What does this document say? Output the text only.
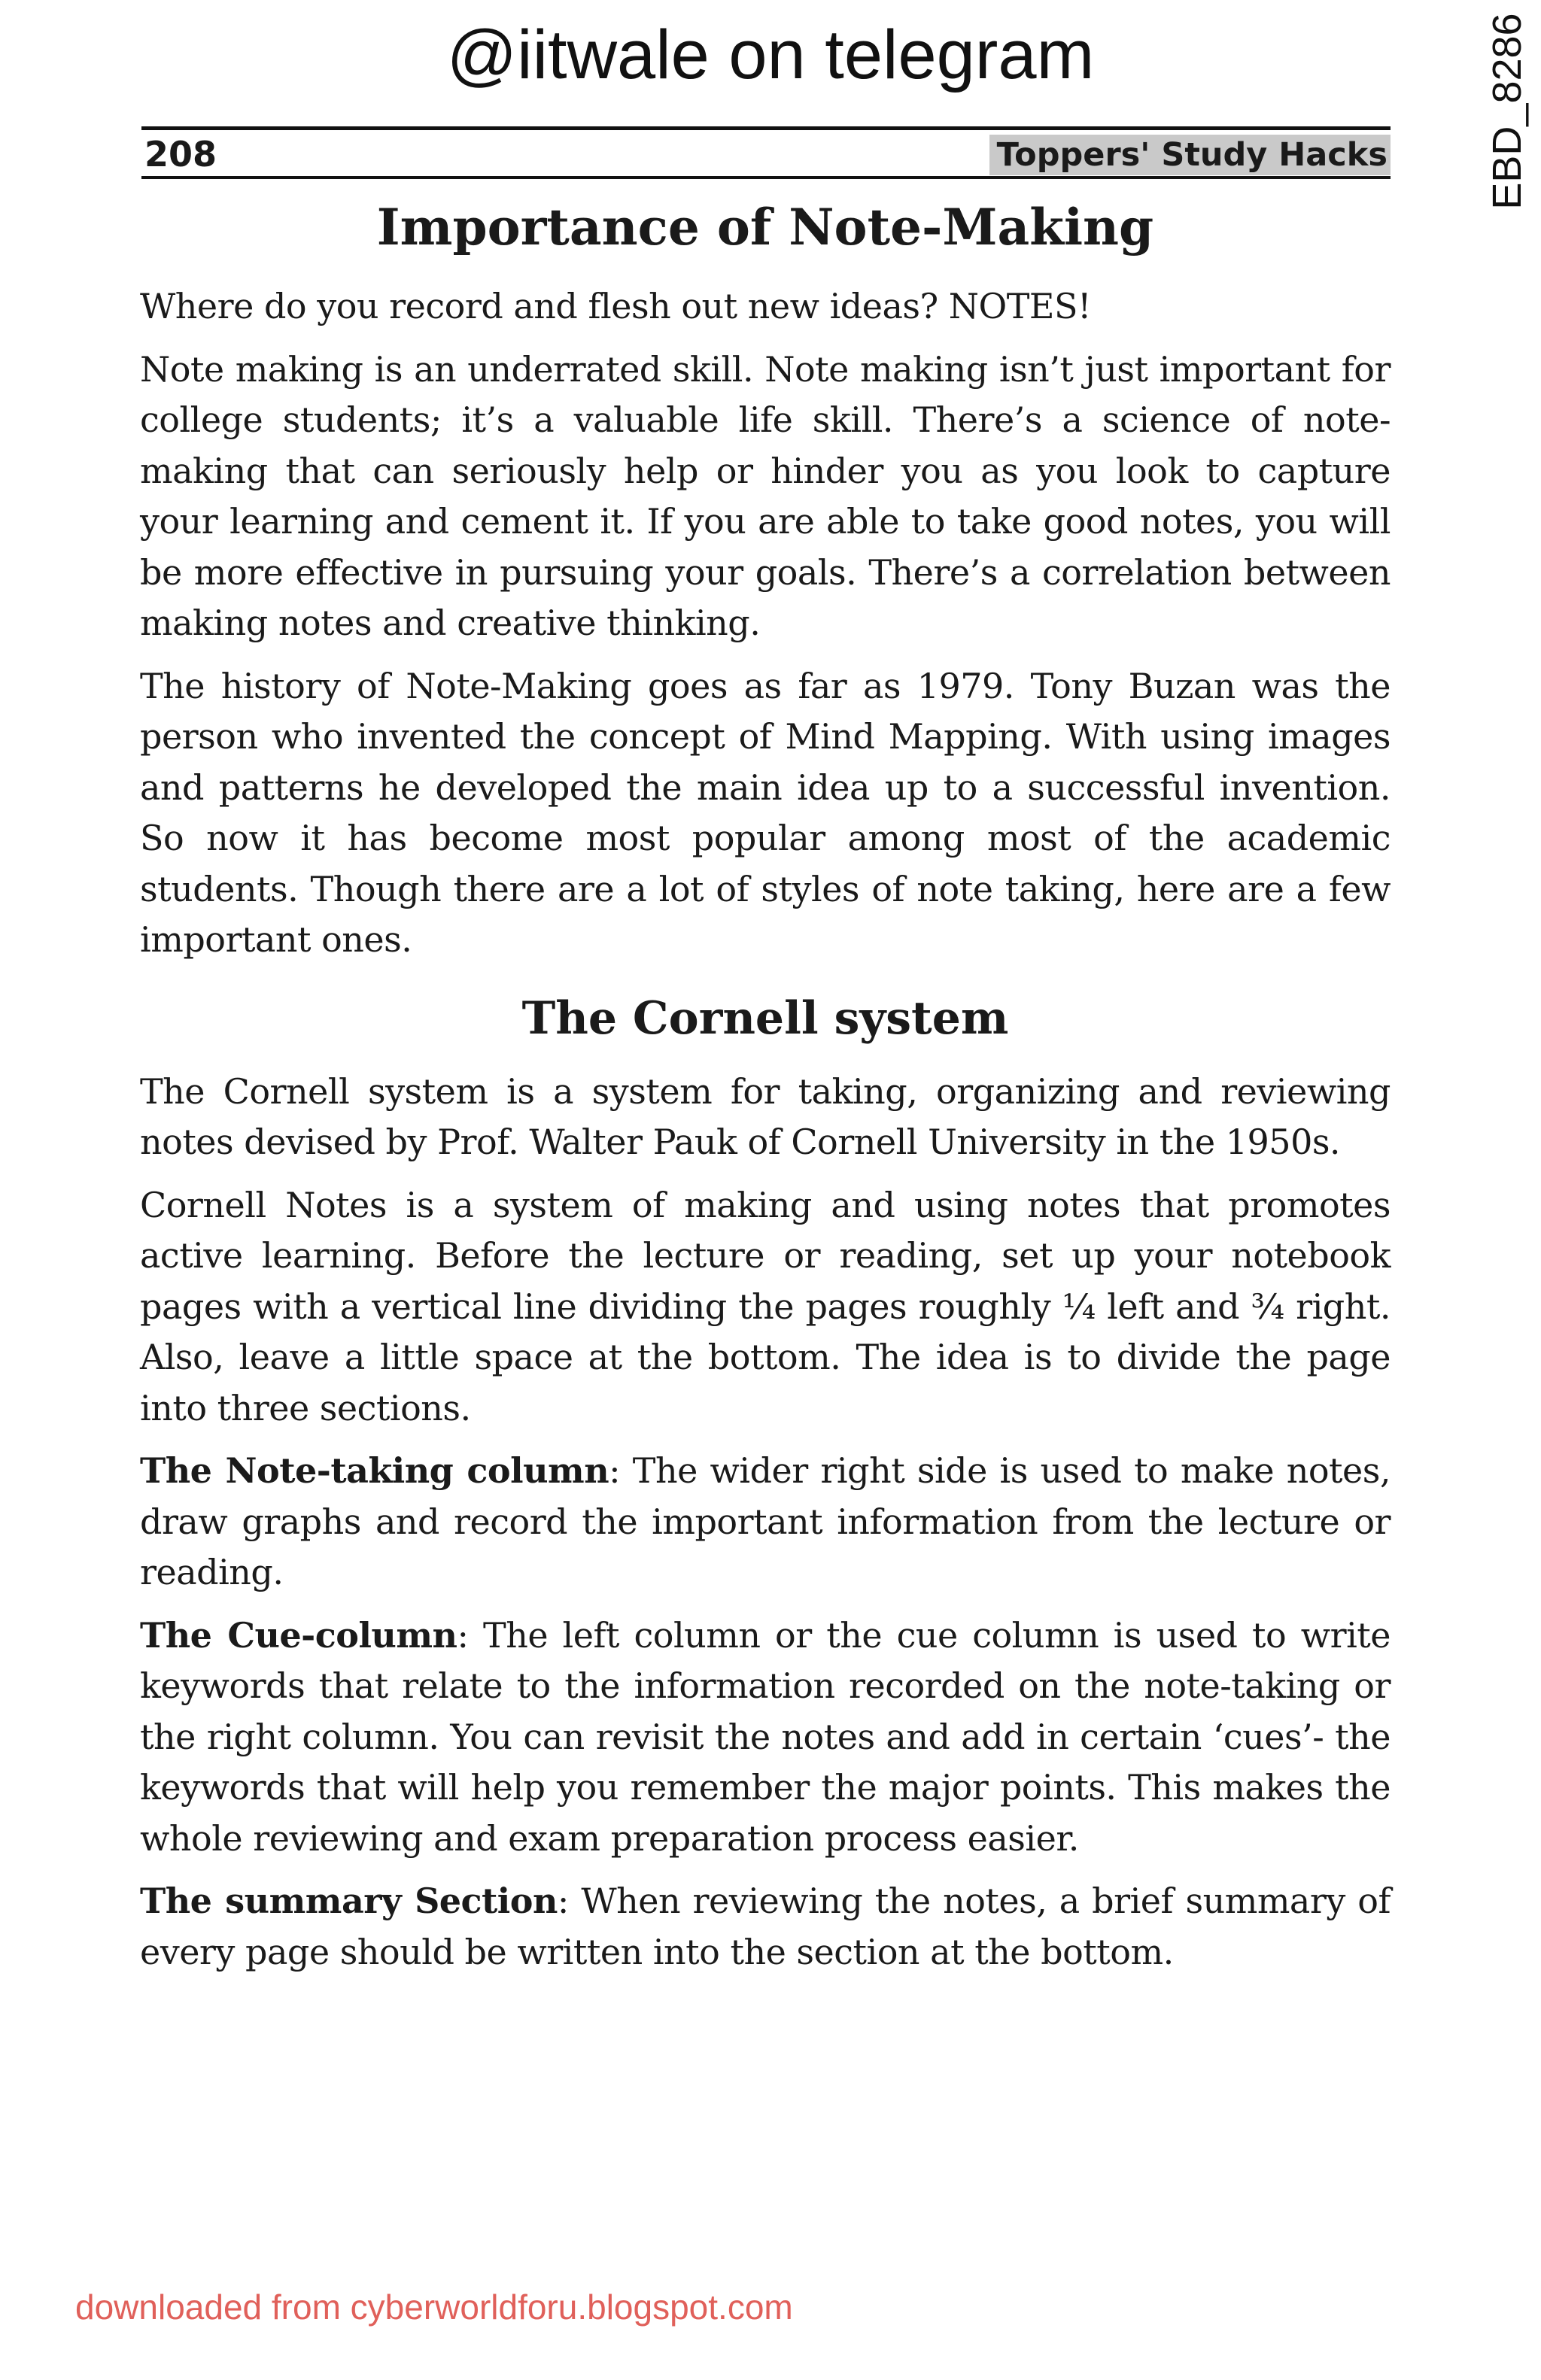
@iitwale on telegram	EBD_8286
208	Toppers' Study Hacks
Importance of Note-Making

Where do you record and flesh out new ideas? NOTES!

Note making is an underrated skill. Note making isn’t just important for college students; it’s a valuable life skill. There’s a science of note-making that can seriously help or hinder you as you look to capture your learning and cement it. If you are able to take good notes, you will be more effective in pursuing your goals. There’s a correlation between making notes and creative thinking.

The history of Note-Making goes as far as 1979. Tony Buzan was the person who invented the concept of Mind Mapping. With using images and patterns he developed the main idea up to a successful invention. So now it has become most popular among most of the academic students. Though there are a lot of styles of note taking, here are a few important ones.

The Cornell system

The Cornell system is a system for taking, organizing and reviewing notes devised by Prof. Walter Pauk of Cornell University in the 1950s.

Cornell Notes is a system of making and using notes that promotes active learning. Before the lecture or reading, set up your notebook pages with a vertical line dividing the pages roughly ¼ left and ¾ right. Also, leave a little space at the bottom. The idea is to divide the page into three sections.

The Note-taking column: The wider right side is used to make notes, draw graphs and record the important information from the lecture or reading.

The Cue-column: The left column or the cue column is used to write keywords that relate to the information recorded on the note-taking or the right column. You can revisit the notes and add in certain ‘cues’- the keywords that will help you remember the major points. This makes the whole reviewing and exam preparation process easier.

The summary Section: When reviewing the notes, a brief summary of every page should be written into the section at the bottom.

downloaded from cyberworldforu.blogspot.com
